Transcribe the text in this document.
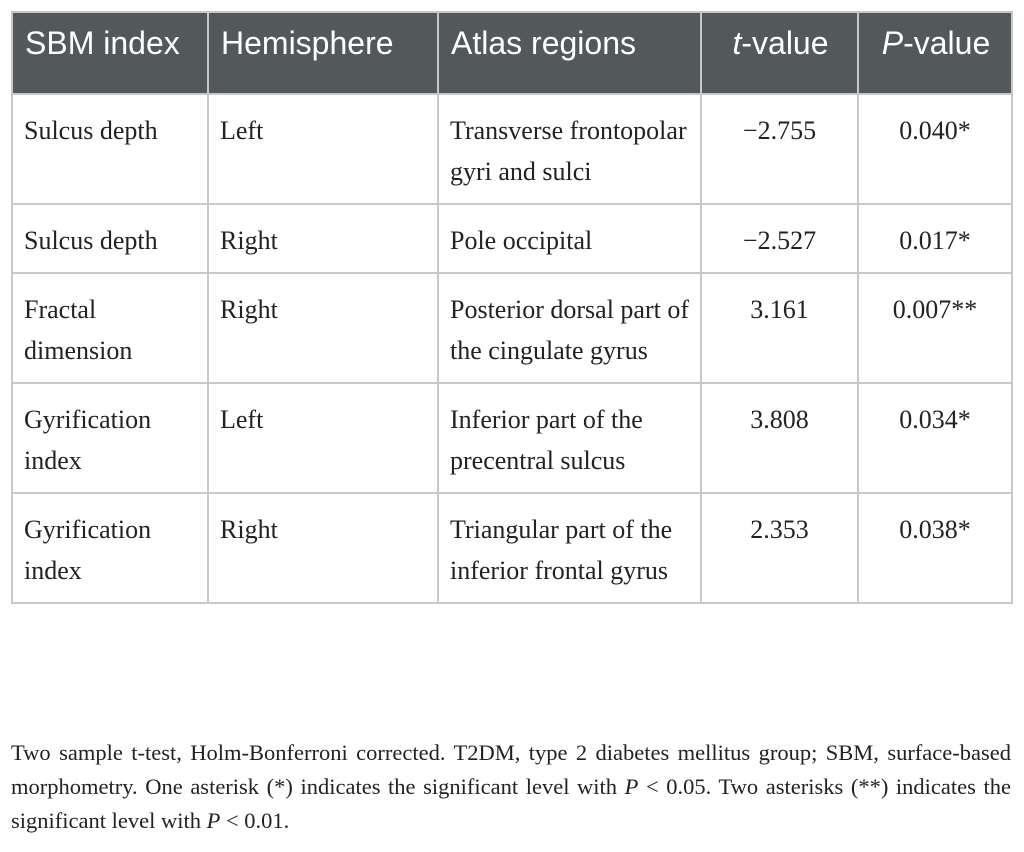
SBM index	Hemisphere	Atlas regions	t-value	P-value
Sulcus depth	Left	Transverse frontopolar gyri and sulci	−2.755	0.040*
Sulcus depth	Right	Pole occipital	−2.527	0.017*
Fractal dimension	Right	Posterior dorsal part of the cingulate gyrus	3.161	0.007**
Gyrification index	Left	Inferior part of the precentral sulcus	3.808	0.034*
Gyrification index	Right	Triangular part of the inferior frontal gyrus	2.353	0.038*
Two sample t-test, Holm-Bonferroni corrected. T2DM, type 2 diabetes mellitus group; SBM, surface-based morphometry. One asterisk (*) indicates the significant level with P < 0.05. Two asterisks (**) indicates the significant level with P < 0.01.
